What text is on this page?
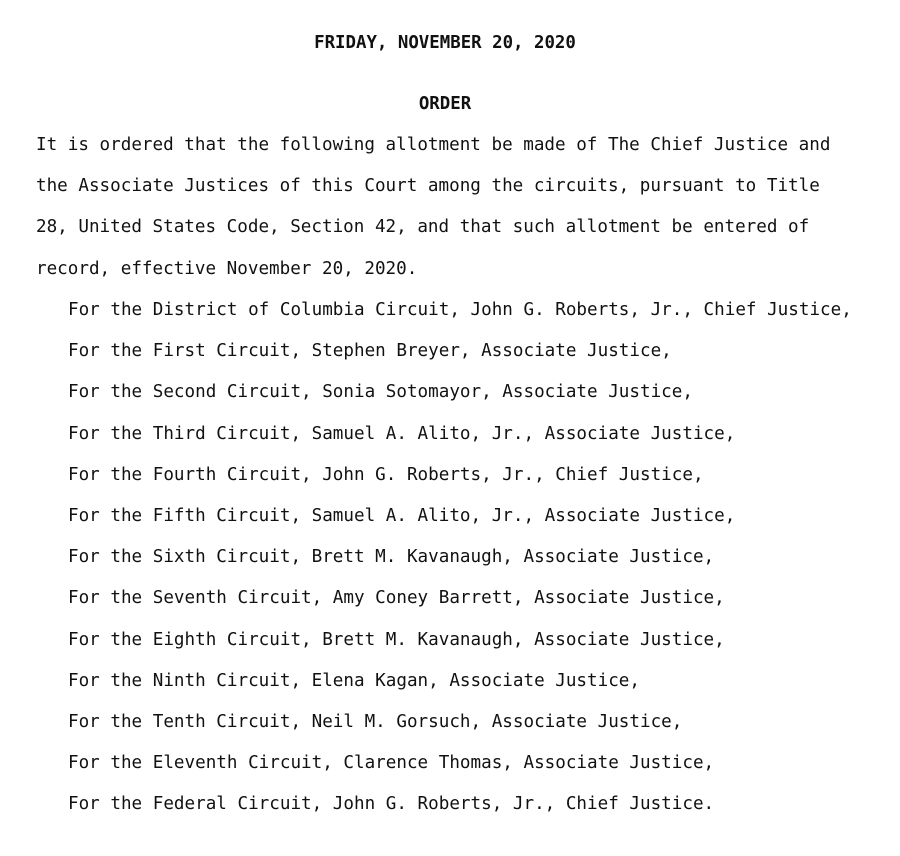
FRIDAY, NOVEMBER 20, 2020
ORDER
It is ordered that the following allotment be made of The Chief Justice and
the Associate Justices of this Court among the circuits, pursuant to Title
28, United States Code, Section 42, and that such allotment be entered of
record, effective November 20, 2020.
For the District of Columbia Circuit, John G. Roberts, Jr., Chief Justice,
For the First Circuit, Stephen Breyer, Associate Justice,
For the Second Circuit, Sonia Sotomayor, Associate Justice,
For the Third Circuit, Samuel A. Alito, Jr., Associate Justice,
For the Fourth Circuit, John G. Roberts, Jr., Chief Justice,
For the Fifth Circuit, Samuel A. Alito, Jr., Associate Justice,
For the Sixth Circuit, Brett M. Kavanaugh, Associate Justice,
For the Seventh Circuit, Amy Coney Barrett, Associate Justice,
For the Eighth Circuit, Brett M. Kavanaugh, Associate Justice,
For the Ninth Circuit, Elena Kagan, Associate Justice,
For the Tenth Circuit, Neil M. Gorsuch, Associate Justice,
For the Eleventh Circuit, Clarence Thomas, Associate Justice,
For the Federal Circuit, John G. Roberts, Jr., Chief Justice.
